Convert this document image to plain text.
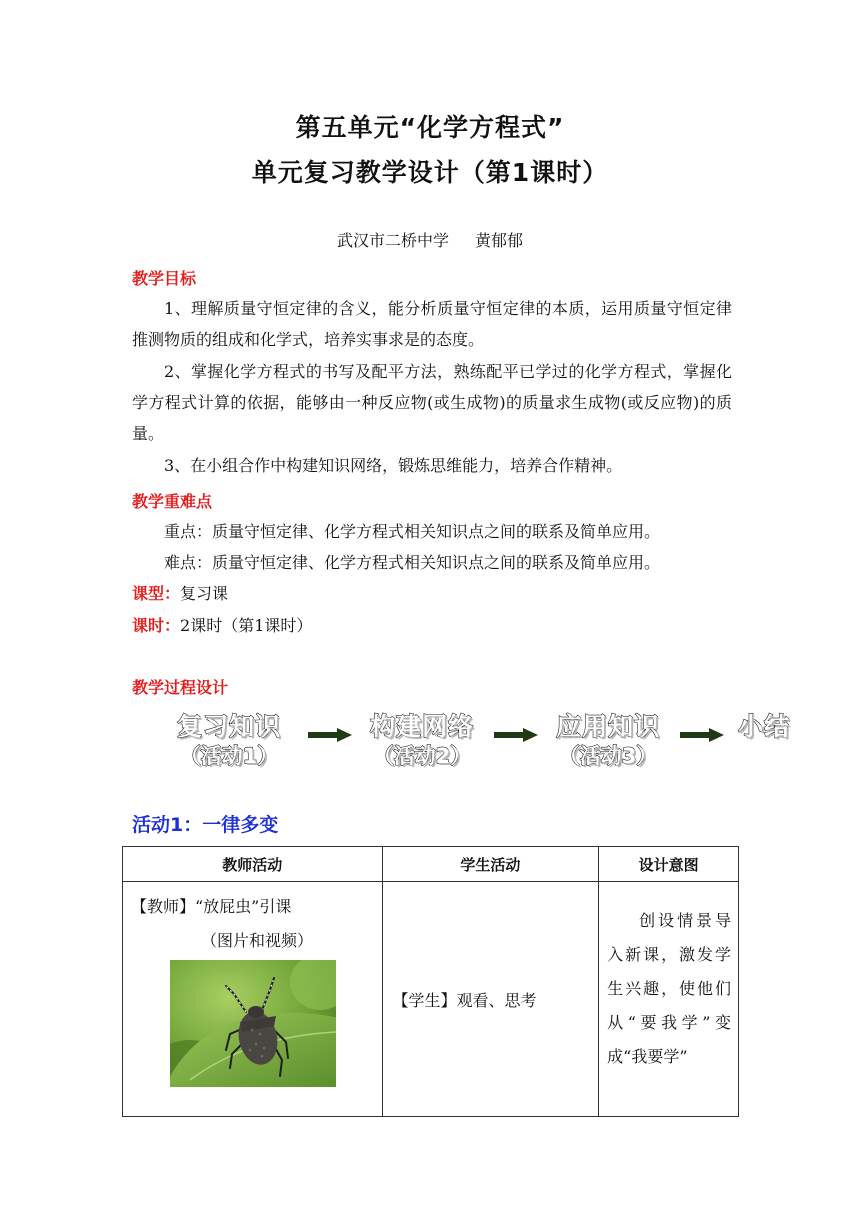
第五单元“化学方程式”
单元复习教学设计（第1课时）
武汉市二桥中学 黄郁郁
教学目标

1、理解质量守恒定律的含义，能分析质量守恒定律的本质，运用质量守恒定律推测物质的组成和化学式，培养实事求是的态度。

2、掌握化学方程式的书写及配平方法，熟练配平已学过的化学方程式，掌握化学方程式计算的依据，能够由一种反应物(或生成物)的质量求生成物(或反应物)的质量。

3、在小组合作中构建知识网络，锻炼思维能力，培养合作精神。

教学重难点
重点：质量守恒定律、化学方程式相关知识点之间的联系及简单应用。
难点：质量守恒定律、化学方程式相关知识点之间的联系及简单应用。
课型：复习课
课时：2课时（第1课时）
教学过程设计
复习知识
（活动1）
构建网络
（活动2）
应用知识
（活动3）
小结
活动1：一律多变
教师活动	学生活动	设计意图

【教师】“放屁虫”引课
（图片和视频）	【学生】观看、思考	创设情景导入新课，激发学生兴趣，使他们从“要我学”变成“我要学”
